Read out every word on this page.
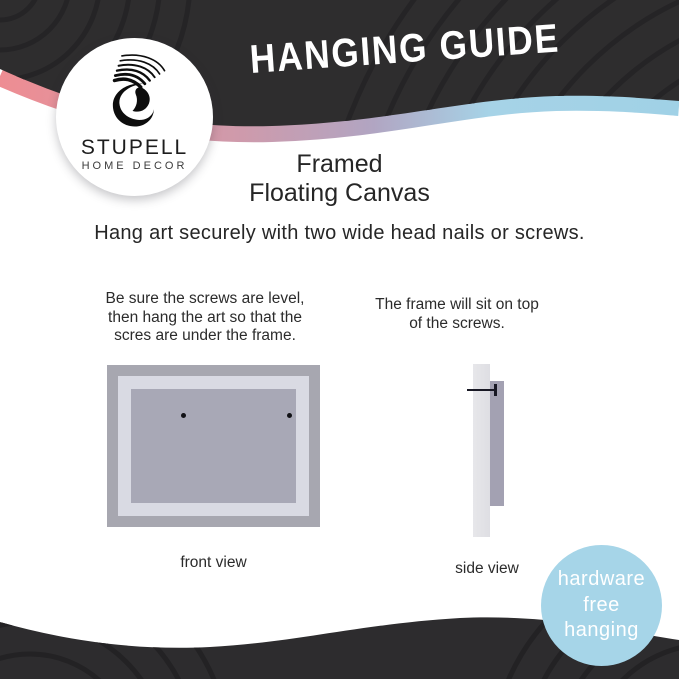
HANGING GUIDE
STUPELL
HOME DECOR	Framed
Floating Canvas
Hang art securely with two wide head nails or screws.
Be sure the screws are level,
then hang the art so that the
scres are under the frame.
The frame will sit on top
of the screws.
front view	side view	hardware
free
hanging
